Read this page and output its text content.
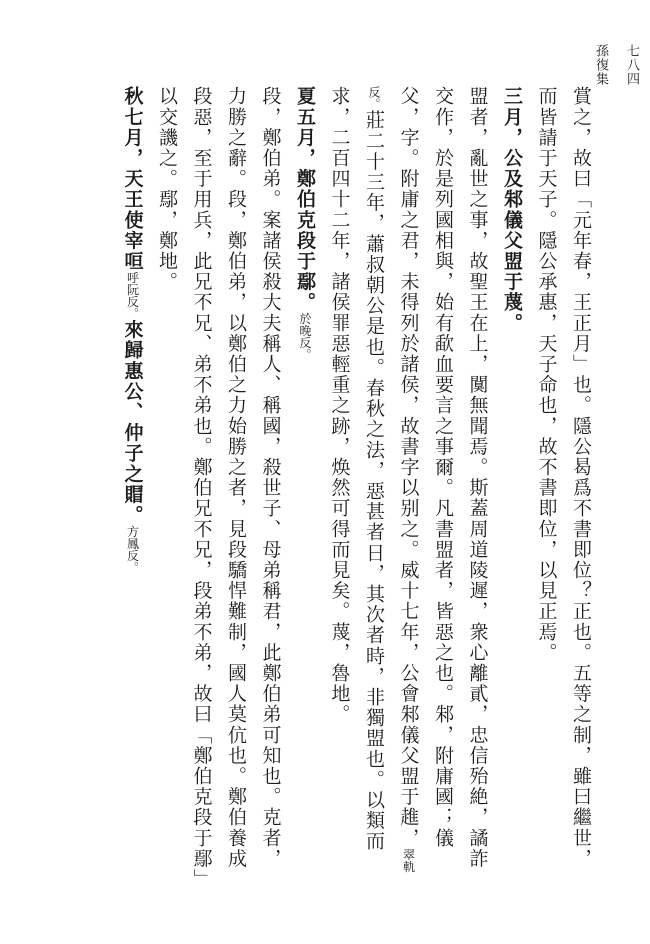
孫復集 七八四

賞之，故曰「元年春，王正月」也。隱公曷爲不書即位？正也。五等之制，雖曰繼世，而皆請于天子。隱公承惠，天子命也，故不書即位，以見正焉。

三月，公及邾儀父盟于蔑。

盟者，亂世之事，故聖王在上，闃無聞焉。斯蓋周道陵遲，衆心離貳，忠信殆絶，譎詐交作，於是列國相與，始有歃血要言之事爾。凡書盟者，皆惡之也。邾，附庸國；儀父，字。附庸之君，未得列於諸侯，故書字以别之。威十七年，公會邾儀父盟于趡，翠軌反。莊二十三年，蕭叔朝公是也。春秋之法，惡甚者日，其次者時，非獨盟也。以類而求，二百四十二年，諸侯罪惡輕重之跡，焕然可得而見矣。蔑，魯地。

夏五月，鄭伯克段于鄢。於晚反。

段，鄭伯弟。案諸侯殺大夫稱人、稱國，殺世子、母弟稱君，此鄭伯弟可知也。克者，力勝之辭。段，鄭伯弟，以鄭伯之力始勝之者，見段驕悍難制，國人莫伉也。鄭伯養成段惡，至于用兵，此兄不兄、弟不弟也。鄭伯兄不兄，段弟不弟，故曰「鄭伯克段于鄢」以交譏之。鄢，鄭地。

秋七月，天王使宰咺呼阮反。來歸惠公、仲子之賵。方鳳反。
